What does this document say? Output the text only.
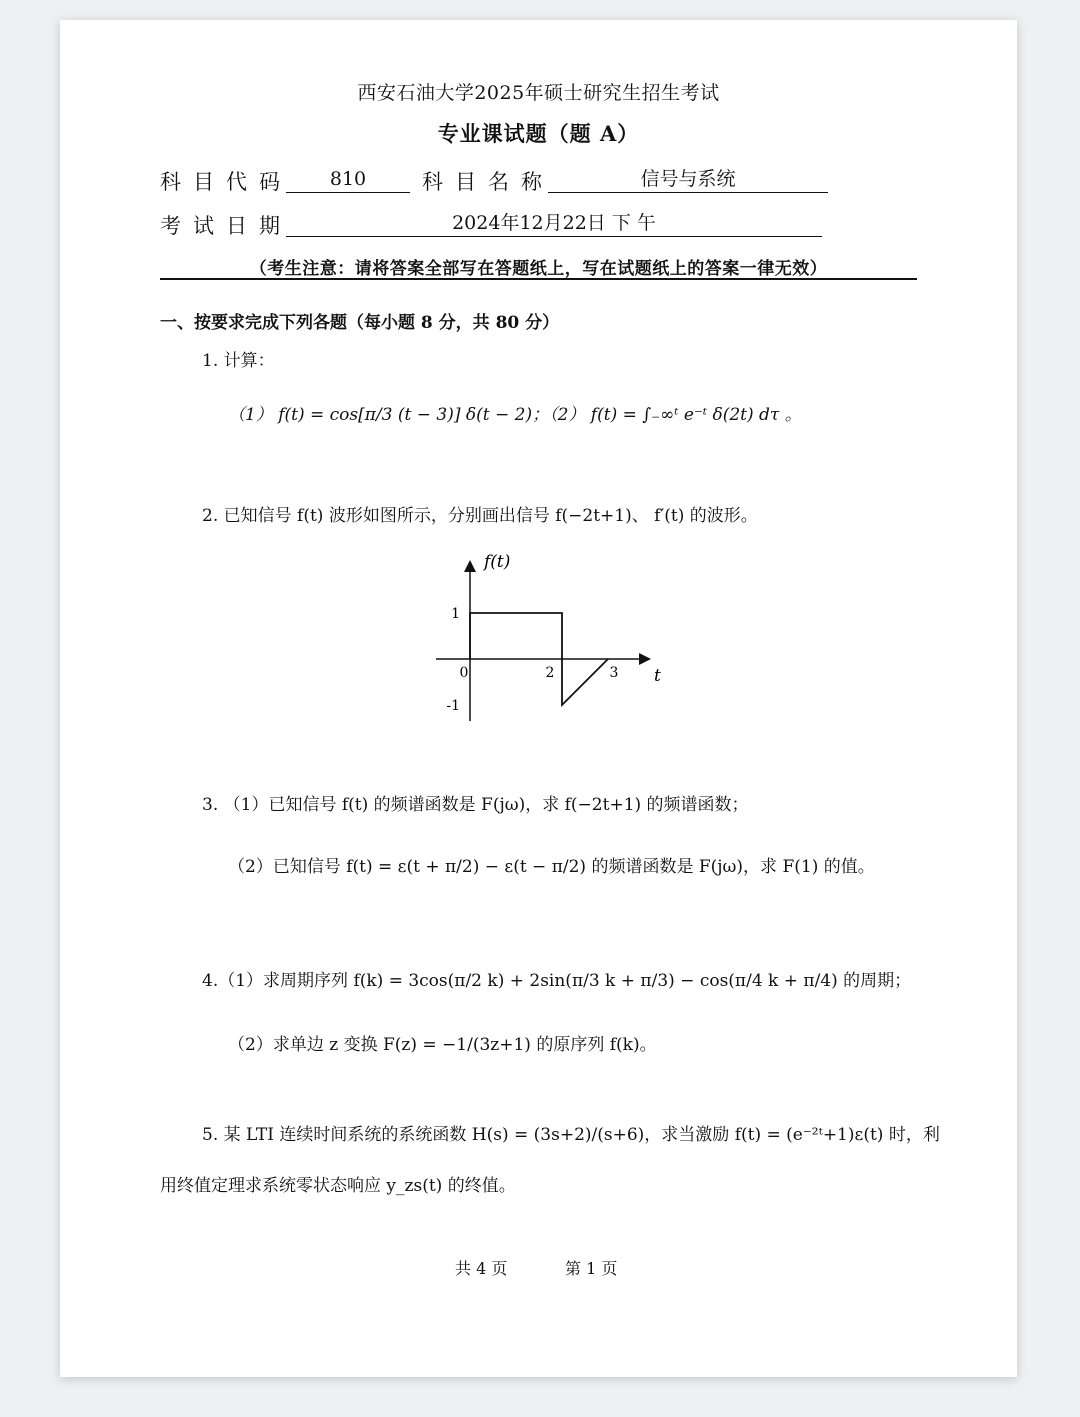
西安石油大学2025年硕士研究生招生考试
专业课试题（题 A）
科目代码	810	科目名称	信号与系统
考试日期	2024年12月22日 下 午
（考生注意：请将答案全部写在答题纸上，写在试题纸上的答案一律无效）
一、按要求完成下列各题（每小题 8 分，共 80 分）
1. 计算：
（1） f(t) = cos[π/3 (t − 3)] δ(t − 2)；（2） f(t) = ∫₋∞ᵗ e⁻ᵗ δ(2t) dτ 。
2. 已知信号 f(t) 波形如图所示，分别画出信号 f(−2t+1)、 f′(t) 的波形。
0	2	3
1
-1
f(t)
t
3. （1）已知信号 f(t) 的频谱函数是 F(jω)，求 f(−2t+1) 的频谱函数；
（2）已知信号 f(t) = ε(t + π/2) − ε(t − π/2) 的频谱函数是 F(jω)，求 F(1) 的值。
4.（1）求周期序列 f(k) = 3cos(π/2 k) + 2sin(π/3 k + π/3) − cos(π/4 k + π/4) 的周期；
（2）求单边 z 变换 F(z) = −1/(3z+1) 的原序列 f(k)。
5. 某 LTI 连续时间系统的系统函数 H(s) = (3s+2)/(s+6)，求当激励 f(t) = (e⁻²ᵗ+1)ε(t) 时，利
用终值定理求系统零状态响应 y_zs(t) 的终值。
共 4 页	第 1 页
